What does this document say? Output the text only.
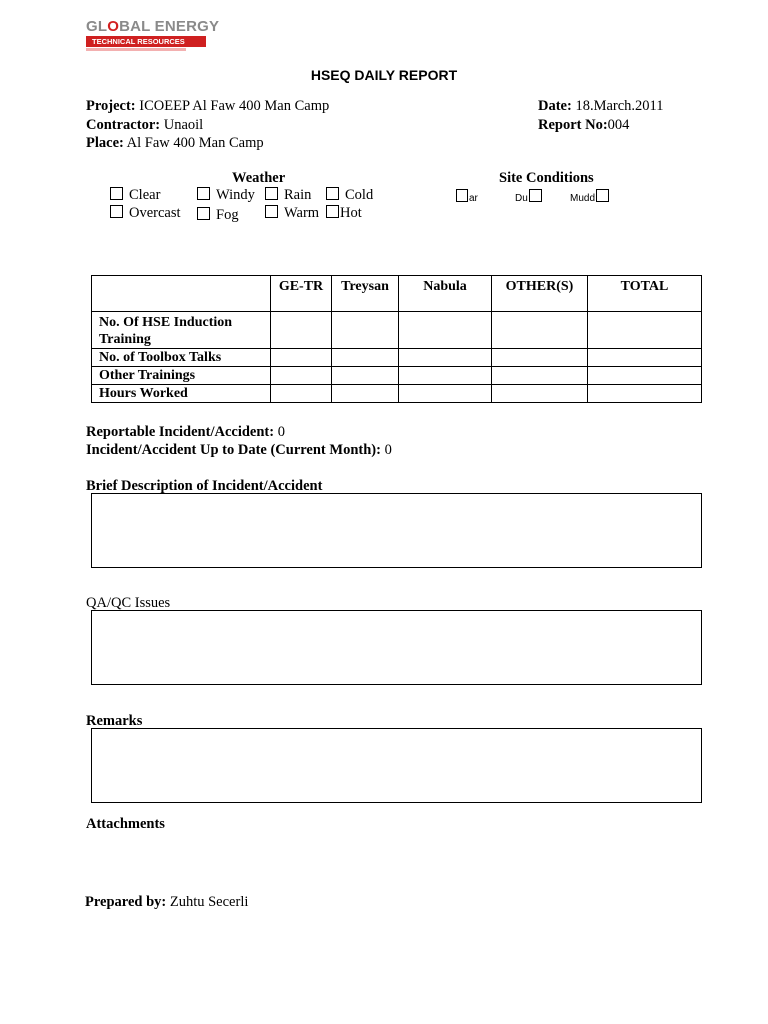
GLOBAL ENERGY
TECHNICAL RESOURCES
HSEQ DAILY REPORT
Project: ICOEEP Al Faw 400 Man Camp
Contractor: Unaoil
Place: Al Faw 400 Man Camp
Date: 18.March.2011
Report No:004
Weather
Clear	Windy	Rain	Cold
Overcast	Fog	Warm	Hot
Site Conditions
ar	Du	Mudd
	GE-TR	Treysan	Nabula	OTHER(S)	TOTAL
No. Of HSE Induction Training					
No. of Toolbox Talks					
Other Trainings					
Hours Worked					
Reportable Incident/Accident: 0
Incident/Accident Up to Date (Current Month): 0
Brief Description of Incident/Accident
QA/QC Issues
Remarks
Attachments
Prepared by: Zuhtu Secerli
